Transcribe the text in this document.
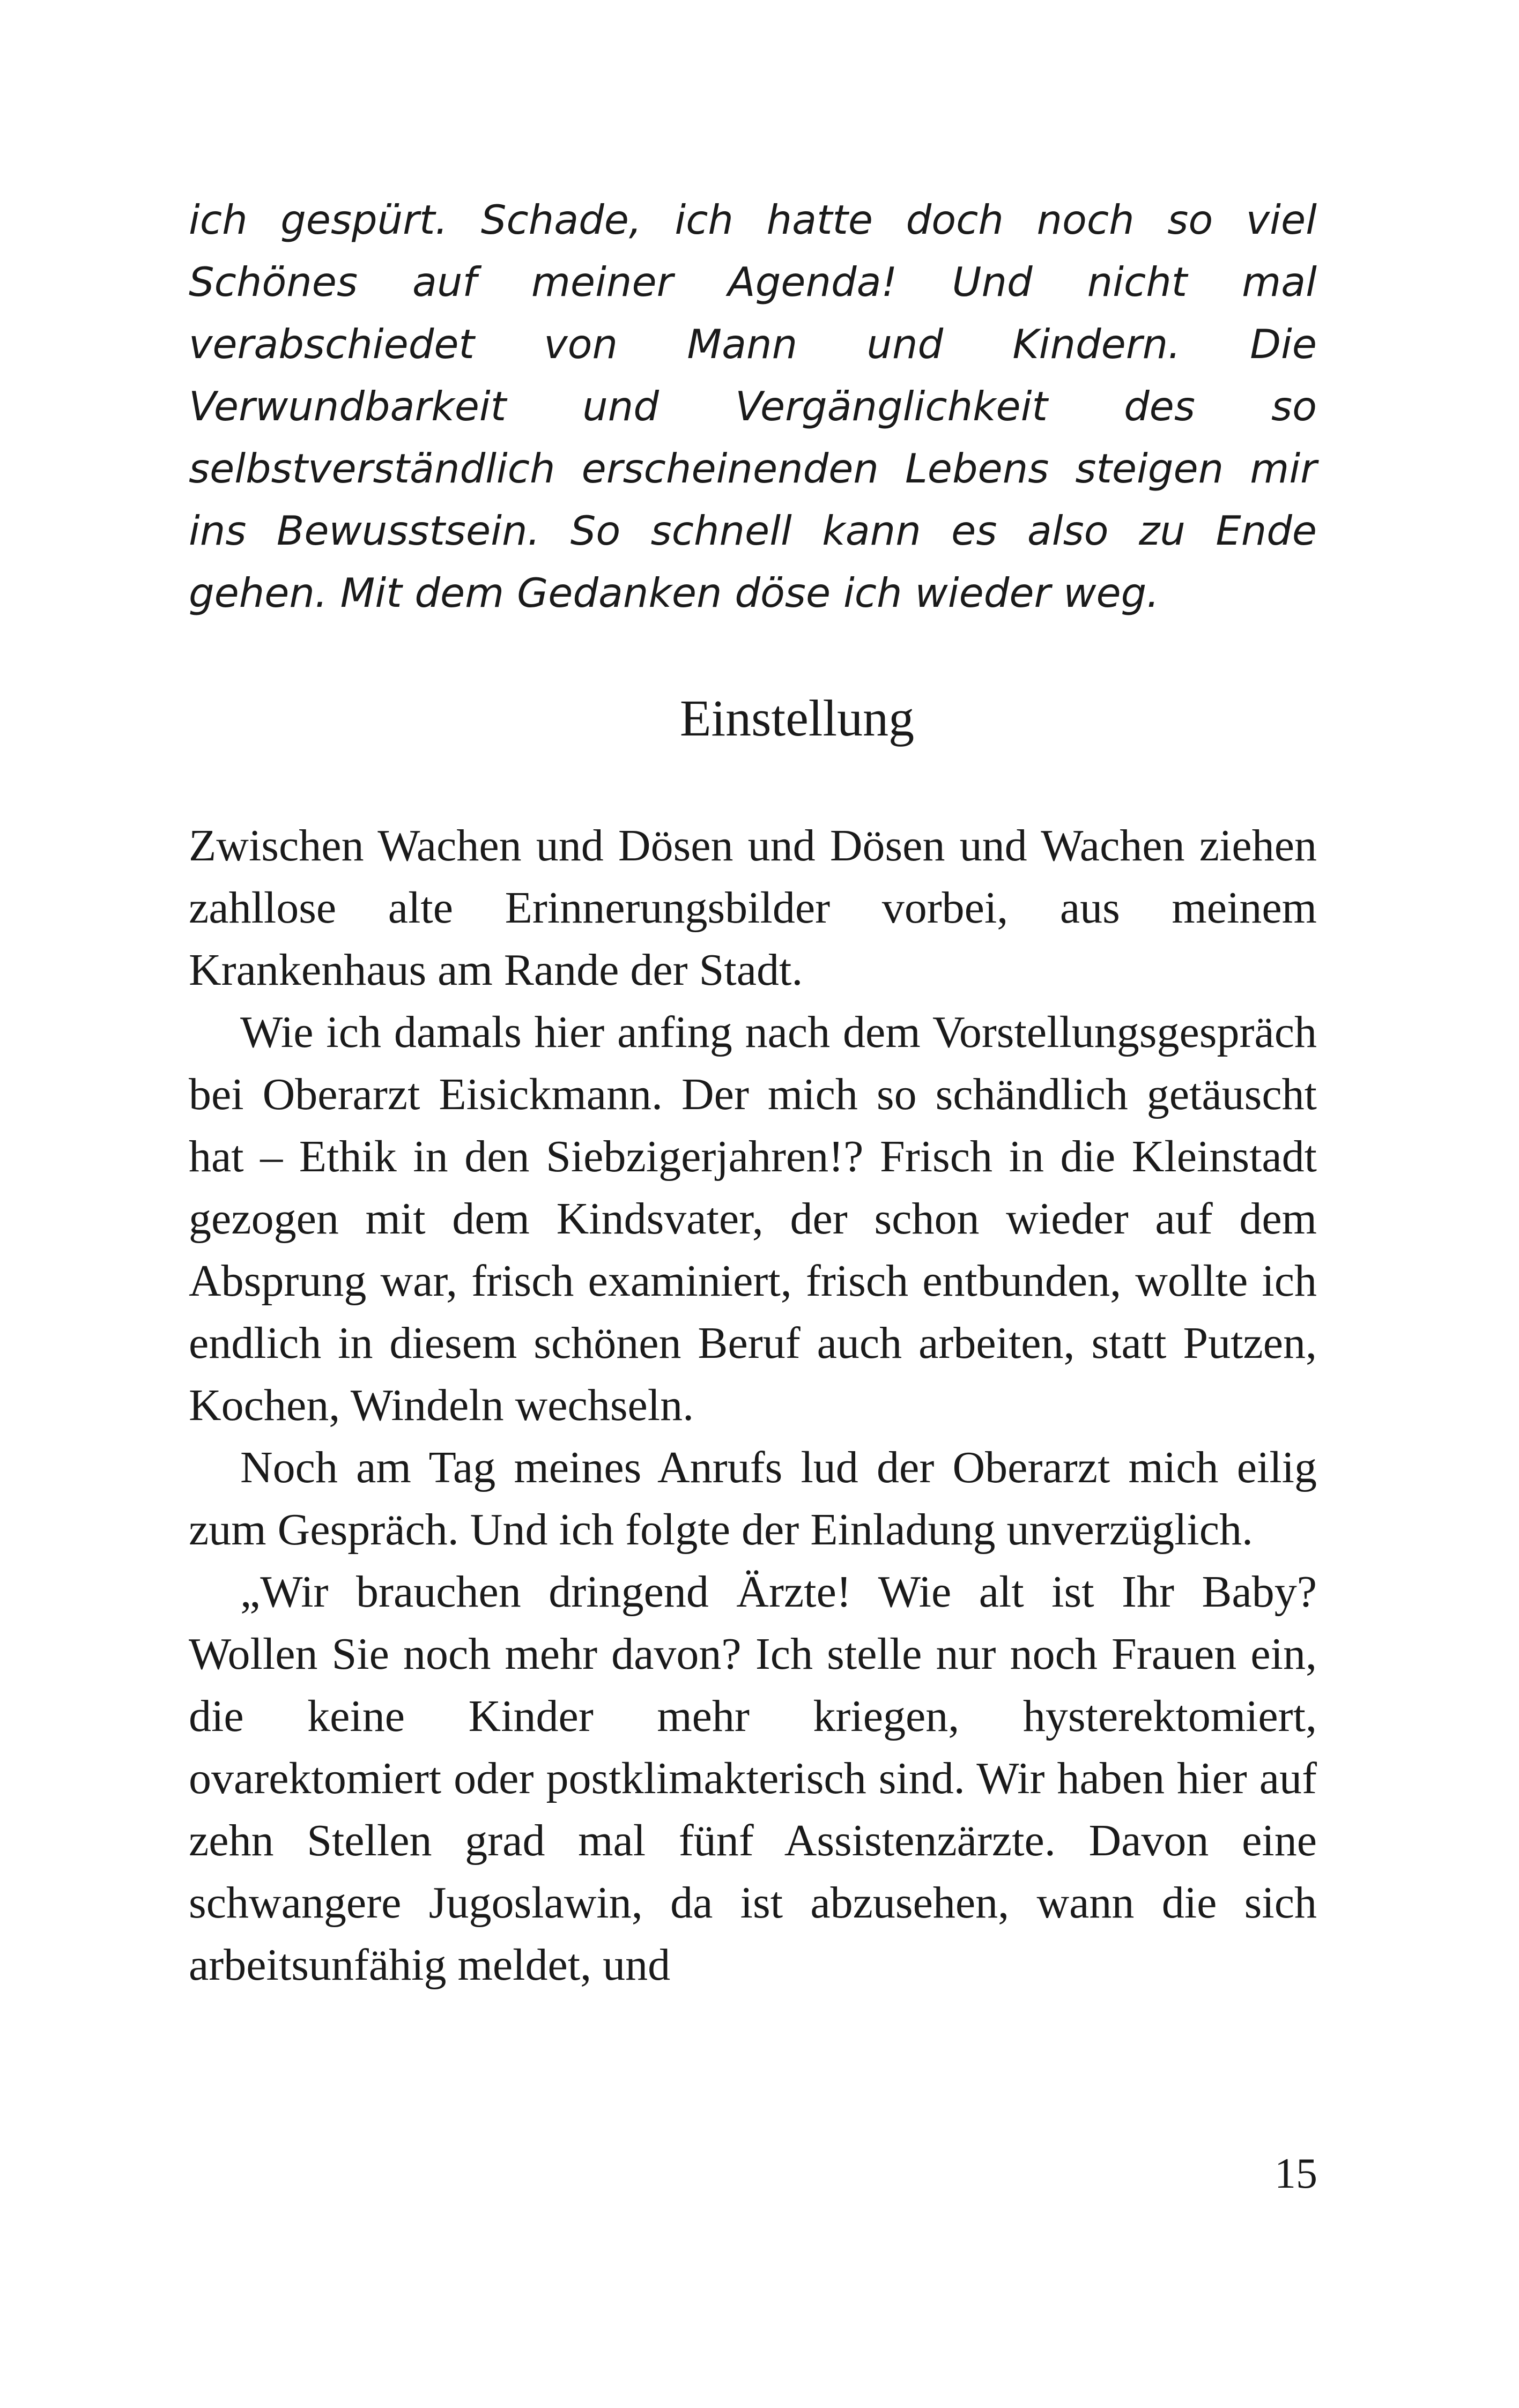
ich gespürt. Schade, ich hatte doch noch so viel Schönes auf meiner Agenda! Und nicht mal verabschiedet von Mann und Kindern. Die Verwundbarkeit und Vergänglichkeit des so selbstverständlich erscheinenden Lebens steigen mir ins Bewusstsein. So schnell kann es also zu Ende gehen. Mit dem Gedanken döse ich wieder weg.

Einstellung

Zwischen Wachen und Dösen und Dösen und Wachen ziehen zahllose alte Erinnerungsbilder vorbei, aus meinem Krankenhaus am Rande der Stadt.

Wie ich damals hier anfing nach dem Vorstellungsgespräch bei Oberarzt Eisickmann. Der mich so schändlich getäuscht hat – Ethik in den Siebzigerjahren!? Frisch in die Kleinstadt gezogen mit dem Kindsvater, der schon wieder auf dem Absprung war, frisch examiniert, frisch entbunden, wollte ich endlich in diesem schönen Beruf auch arbeiten, statt Putzen, Kochen, Windeln wechseln.

Noch am Tag meines Anrufs lud der Oberarzt mich eilig zum Gespräch. Und ich folgte der Einladung unverzüglich.

„Wir brauchen dringend Ärzte! Wie alt ist Ihr Baby? Wollen Sie noch mehr davon? Ich stelle nur noch Frauen ein, die keine Kinder mehr kriegen, hysterektomiert, ovarektomiert oder postklimakterisch sind. Wir haben hier auf zehn Stellen grad mal fünf Assistenzärzte. Davon eine schwangere Jugoslawin, da ist abzusehen, wann die sich arbeitsunfähig meldet, und

15
